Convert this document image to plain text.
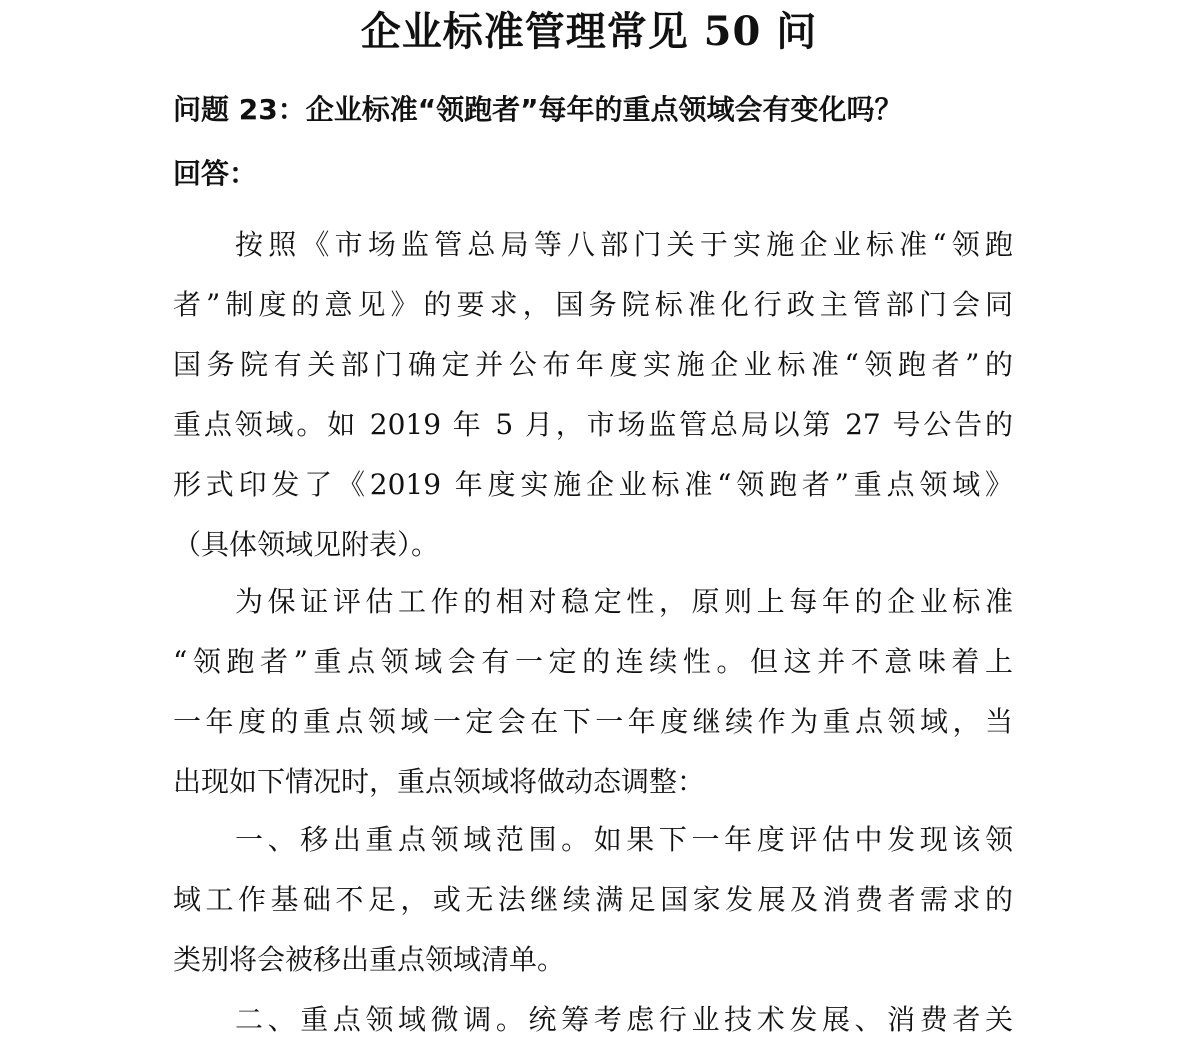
企业标准管理常见 50 问

问题 23：企业标准“领跑者”每年的重点领域会有变化吗？

回答：

按照《市场监管总局等八部门关于实施企业标准“领跑
者”制度的意见》的要求，国务院标准化行政主管部门会同
国务院有关部门确定并公布年度实施企业标准“领跑者”的
重点领域。如 2019 年 5 月，市场监管总局以第 27 号公告的
形式印发了《2019 年度实施企业标准“领跑者”重点领域》
（具体领域见附表）。
为保证评估工作的相对稳定性，原则上每年的企业标准
“领跑者”重点领域会有一定的连续性。但这并不意味着上
一年度的重点领域一定会在下一年度继续作为重点领域，当
出现如下情况时，重点领域将做动态调整：
一、移出重点领域范围。如果下一年度评估中发现该领
域工作基础不足，或无法继续满足国家发展及消费者需求的
类别将会被移出重点领域清单。
二、重点领域微调。统筹考虑行业技术发展、消费者关
